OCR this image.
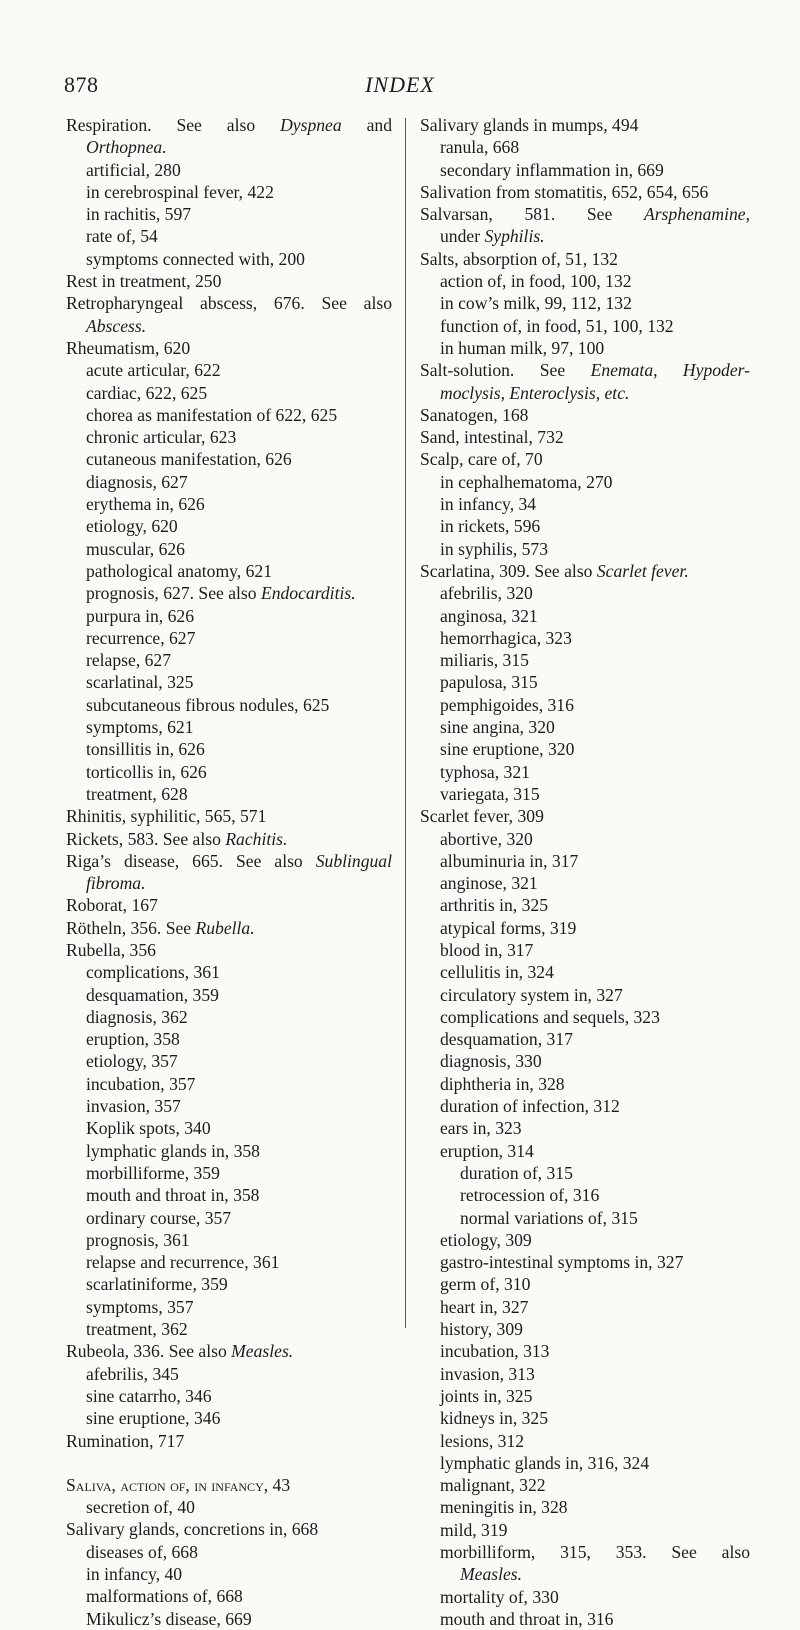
878	INDEX
Respiration. See also Dyspnea and
Orthopnea.
artificial, 280
in cerebrospinal fever, 422
in rachitis, 597
rate of, 54
symptoms connected with, 200
Rest in treatment, 250
Retropharyngeal abscess, 676. See also
Abscess.
Rheumatism, 620
acute articular, 622
cardiac, 622, 625
chorea as manifestation of 622, 625
chronic articular, 623
cutaneous manifestation, 626
diagnosis, 627
erythema in, 626
etiology, 620
muscular, 626
pathological anatomy, 621
prognosis, 627. See also Endocarditis.
purpura in, 626
recurrence, 627
relapse, 627
scarlatinal, 325
subcutaneous fibrous nodules, 625
symptoms, 621
tonsillitis in, 626
torticollis in, 626
treatment, 628
Rhinitis, syphilitic, 565, 571
Rickets, 583. See also Rachitis.
Riga’s disease, 665. See also Sublingual
fibroma.
Roborat, 167
Rötheln, 356. See Rubella.
Rubella, 356
complications, 361
desquamation, 359
diagnosis, 362
eruption, 358
etiology, 357
incubation, 357
invasion, 357
Koplik spots, 340
lymphatic glands in, 358
morbilliforme, 359
mouth and throat in, 358
ordinary course, 357
prognosis, 361
relapse and recurrence, 361
scarlatiniforme, 359
symptoms, 357
treatment, 362
Rubeola, 336. See also Measles.
afebrilis, 345
sine catarrho, 346
sine eruptione, 346
Rumination, 717
Saliva, action of, in infancy, 43
secretion of, 40
Salivary glands, concretions in, 668
diseases of, 668
in infancy, 40
malformations of, 668
Mikulicz’s disease, 669
Salivary glands in mumps, 494
ranula, 668
secondary inflammation in, 669
Salivation from stomatitis, 652, 654, 656
Salvarsan, 581. See Arsphenamine,
under Syphilis.
Salts, absorption of, 51, 132
action of, in food, 100, 132
in cow’s milk, 99, 112, 132
function of, in food, 51, 100, 132
in human milk, 97, 100
Salt-solution. See Enemata, Hypoder-
moclysis, Enteroclysis, etc.
Sanatogen, 168
Sand, intestinal, 732
Scalp, care of, 70
in cephalhematoma, 270
in infancy, 34
in rickets, 596
in syphilis, 573
Scarlatina, 309. See also Scarlet fever.
afebrilis, 320
anginosa, 321
hemorrhagica, 323
miliaris, 315
papulosa, 315
pemphigoides, 316
sine angina, 320
sine eruptione, 320
typhosa, 321
variegata, 315
Scarlet fever, 309
abortive, 320
albuminuria in, 317
anginose, 321
arthritis in, 325
atypical forms, 319
blood in, 317
cellulitis in, 324
circulatory system in, 327
complications and sequels, 323
desquamation, 317
diagnosis, 330
diphtheria in, 328
duration of infection, 312
ears in, 323
eruption, 314
duration of, 315
retrocession of, 316
normal variations of, 315
etiology, 309
gastro-intestinal symptoms in, 327
germ of, 310
heart in, 327
history, 309
incubation, 313
invasion, 313
joints in, 325
kidneys in, 325
lesions, 312
lymphatic glands in, 316, 324
malignant, 322
meningitis in, 328
mild, 319
morbilliform, 315, 353. See also
Measles.
mortality of, 330
mouth and throat in, 316
